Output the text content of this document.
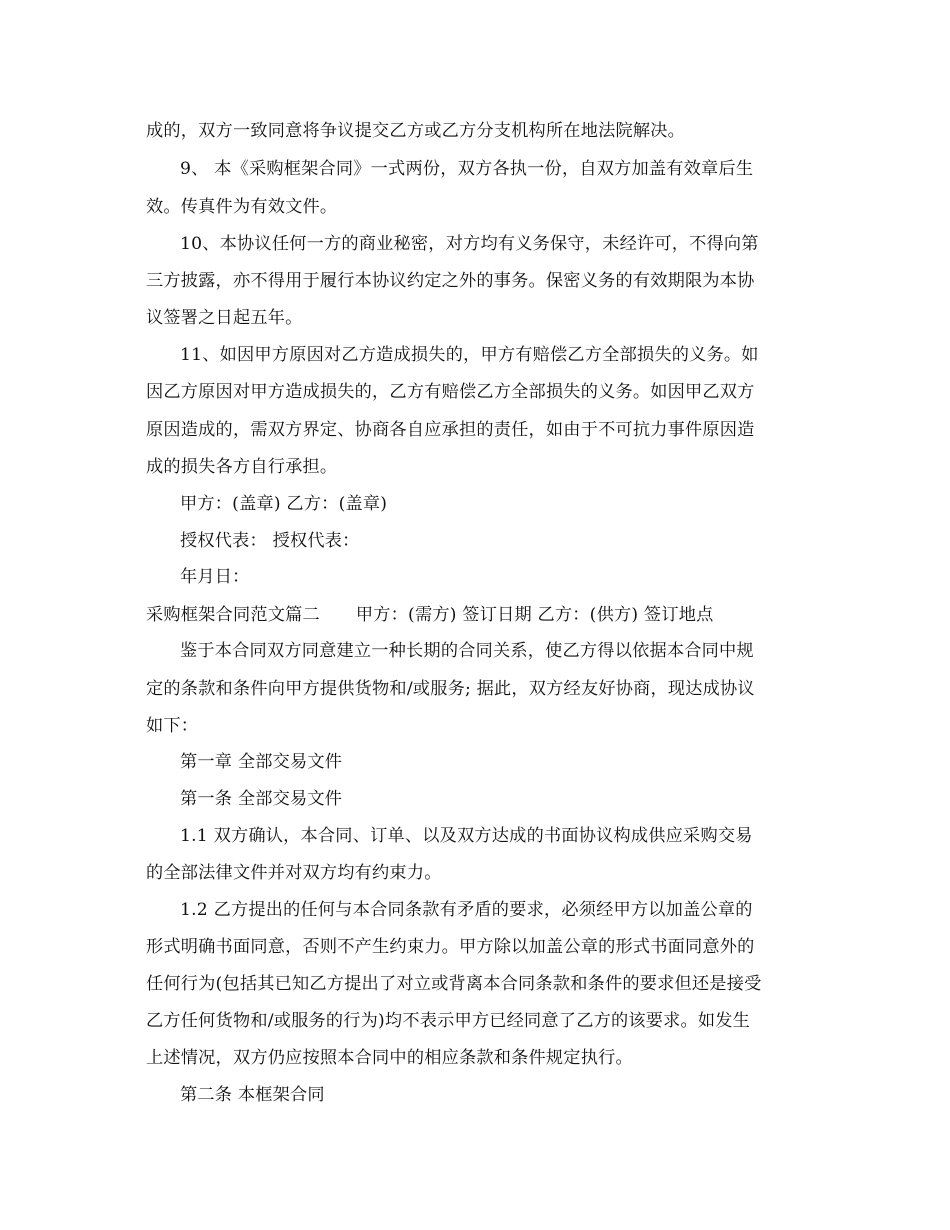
成的，双方一致同意将争议提交乙方或乙方分支机构所在地法院解决。
9、 本《采购框架合同》一式两份，双方各执一份，自双方加盖有效章后生
效。传真件为有效文件。
10、本协议任何一方的商业秘密，对方均有义务保守，未经许可，不得向第
三方披露，亦不得用于履行本协议约定之外的事务。保密义务的有效期限为本协
议签署之日起五年。
11、如因甲方原因对乙方造成损失的，甲方有赔偿乙方全部损失的义务。如
因乙方原因对甲方造成损失的，乙方有赔偿乙方全部损失的义务。如因甲乙双方
原因造成的，需双方界定、协商各自应承担的责任，如由于不可抗力事件原因造
成的损失各方自行承担。
甲方：(盖章) 乙方：(盖章)
授权代表： 授权代表：
年月日：
采购框架合同范文篇二 甲方：(需方) 签订日期 乙方：(供方) 签订地点
鉴于本合同双方同意建立一种长期的合同关系，使乙方得以依据本合同中规
定的条款和条件向甲方提供货物和/或服务; 据此，双方经友好协商，现达成协议
如下：
第一章 全部交易文件
第一条 全部交易文件
1.1 双方确认，本合同、订单、以及双方达成的书面协议构成供应采购交易
的全部法律文件并对双方均有约束力。
1.2 乙方提出的任何与本合同条款有矛盾的要求，必须经甲方以加盖公章的
形式明确书面同意，否则不产生约束力。甲方除以加盖公章的形式书面同意外的
任何行为(包括其已知乙方提出了对立或背离本合同条款和条件的要求但还是接受
乙方任何货物和/或服务的行为)均不表示甲方已经同意了乙方的该要求。如发生
上述情况，双方仍应按照本合同中的相应条款和条件规定执行。
第二条 本框架合同
